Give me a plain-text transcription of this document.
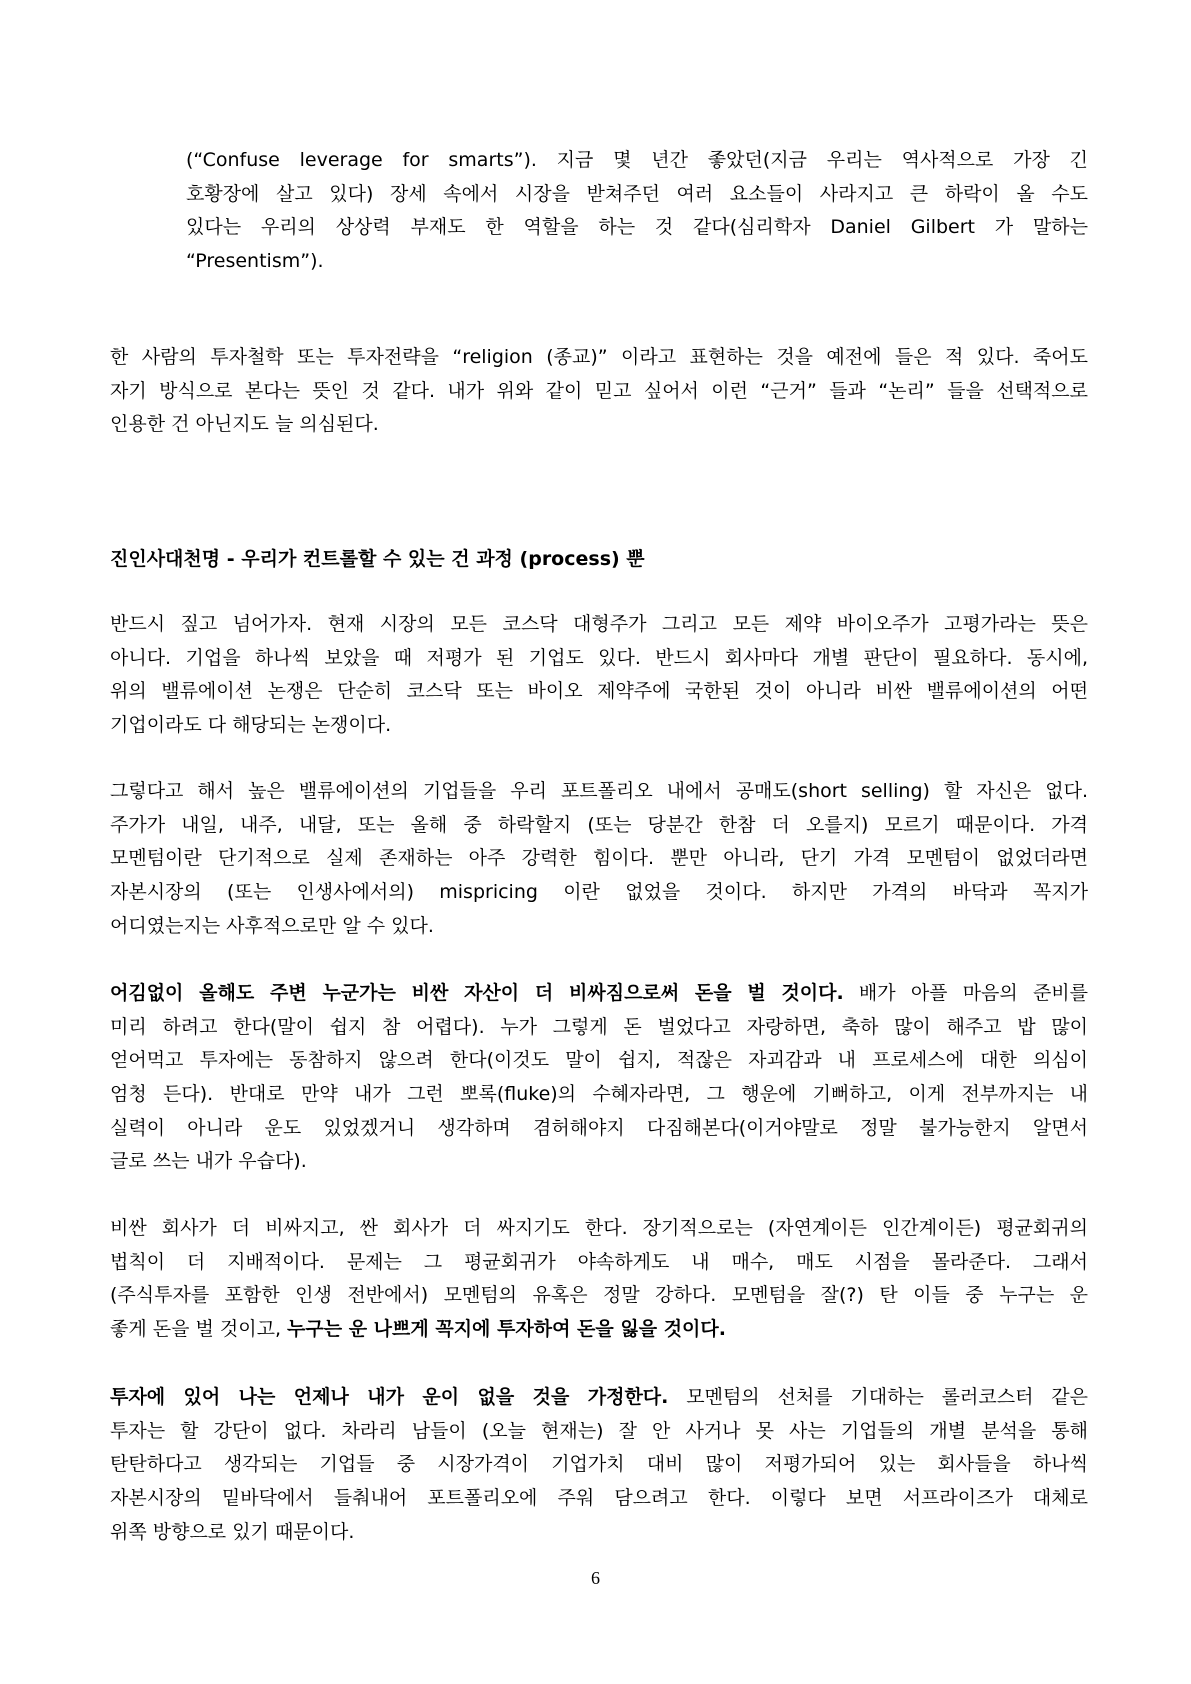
(“Confuse leverage for smarts”). 지금 몇 년간 좋았던(지금 우리는 역사적으로 가장 긴
호황장에 살고 있다) 장세 속에서 시장을 받쳐주던 여러 요소들이 사라지고 큰 하락이 올 수도
있다는 우리의 상상력 부재도 한 역할을 하는 것 같다(심리학자 Daniel Gilbert 가 말하는
“Presentism”).
한 사람의 투자철학 또는 투자전략을 “religion (종교)” 이라고 표현하는 것을 예전에 들은 적 있다. 죽어도
자기 방식으로 본다는 뜻인 것 같다. 내가 위와 같이 믿고 싶어서 이런 “근거” 들과 “논리” 들을 선택적으로
인용한 건 아닌지도 늘 의심된다.
진인사대천명 - 우리가 컨트롤할 수 있는 건 과정 (process) 뿐
반드시 짚고 넘어가자. 현재 시장의 모든 코스닥 대형주가 그리고 모든 제약 바이오주가 고평가라는 뜻은
아니다. 기업을 하나씩 보았을 때 저평가 된 기업도 있다. 반드시 회사마다 개별 판단이 필요하다. 동시에,
위의 밸류에이션 논쟁은 단순히 코스닥 또는 바이오 제약주에 국한된 것이 아니라 비싼 밸류에이션의 어떤
기업이라도 다 해당되는 논쟁이다.
그렇다고 해서 높은 밸류에이션의 기업들을 우리 포트폴리오 내에서 공매도(short selling) 할 자신은 없다.
주가가 내일, 내주, 내달, 또는 올해 중 하락할지 (또는 당분간 한참 더 오를지) 모르기 때문이다. 가격
모멘텀이란 단기적으로 실제 존재하는 아주 강력한 힘이다. 뿐만 아니라, 단기 가격 모멘텀이 없었더라면
자본시장의 (또는 인생사에서의) mispricing 이란 없었을 것이다. 하지만 가격의 바닥과 꼭지가
어디였는지는 사후적으로만 알 수 있다.
어김없이 올해도 주변 누군가는 비싼 자산이 더 비싸짐으로써 돈을 벌 것이다. 배가 아플 마음의 준비를
미리 하려고 한다(말이 쉽지 참 어렵다). 누가 그렇게 돈 벌었다고 자랑하면, 축하 많이 해주고 밥 많이
얻어먹고 투자에는 동참하지 않으려 한다(이것도 말이 쉽지, 적잖은 자괴감과 내 프로세스에 대한 의심이
엄청 든다). 반대로 만약 내가 그런 뽀록(fluke)의 수혜자라면, 그 행운에 기뻐하고, 이게 전부까지는 내
실력이 아니라 운도 있었겠거니 생각하며 겸허해야지 다짐해본다(이거야말로 정말 불가능한지 알면서
글로 쓰는 내가 우습다).
비싼 회사가 더 비싸지고, 싼 회사가 더 싸지기도 한다. 장기적으로는 (자연계이든 인간계이든) 평균회귀의
법칙이 더 지배적이다. 문제는 그 평균회귀가 야속하게도 내 매수, 매도 시점을 몰라준다. 그래서
(주식투자를 포함한 인생 전반에서) 모멘텀의 유혹은 정말 강하다. 모멘텀을 잘(?) 탄 이들 중 누구는 운
좋게 돈을 벌 것이고, 누구는 운 나쁘게 꼭지에 투자하여 돈을 잃을 것이다.
투자에 있어 나는 언제나 내가 운이 없을 것을 가정한다. 모멘텀의 선처를 기대하는 롤러코스터 같은
투자는 할 강단이 없다. 차라리 남들이 (오늘 현재는) 잘 안 사거나 못 사는 기업들의 개별 분석을 통해
탄탄하다고 생각되는 기업들 중 시장가격이 기업가치 대비 많이 저평가되어 있는 회사들을 하나씩
자본시장의 밑바닥에서 들춰내어 포트폴리오에 주워 담으려고 한다. 이렇다 보면 서프라이즈가 대체로
위쪽 방향으로 있기 때문이다.
6
